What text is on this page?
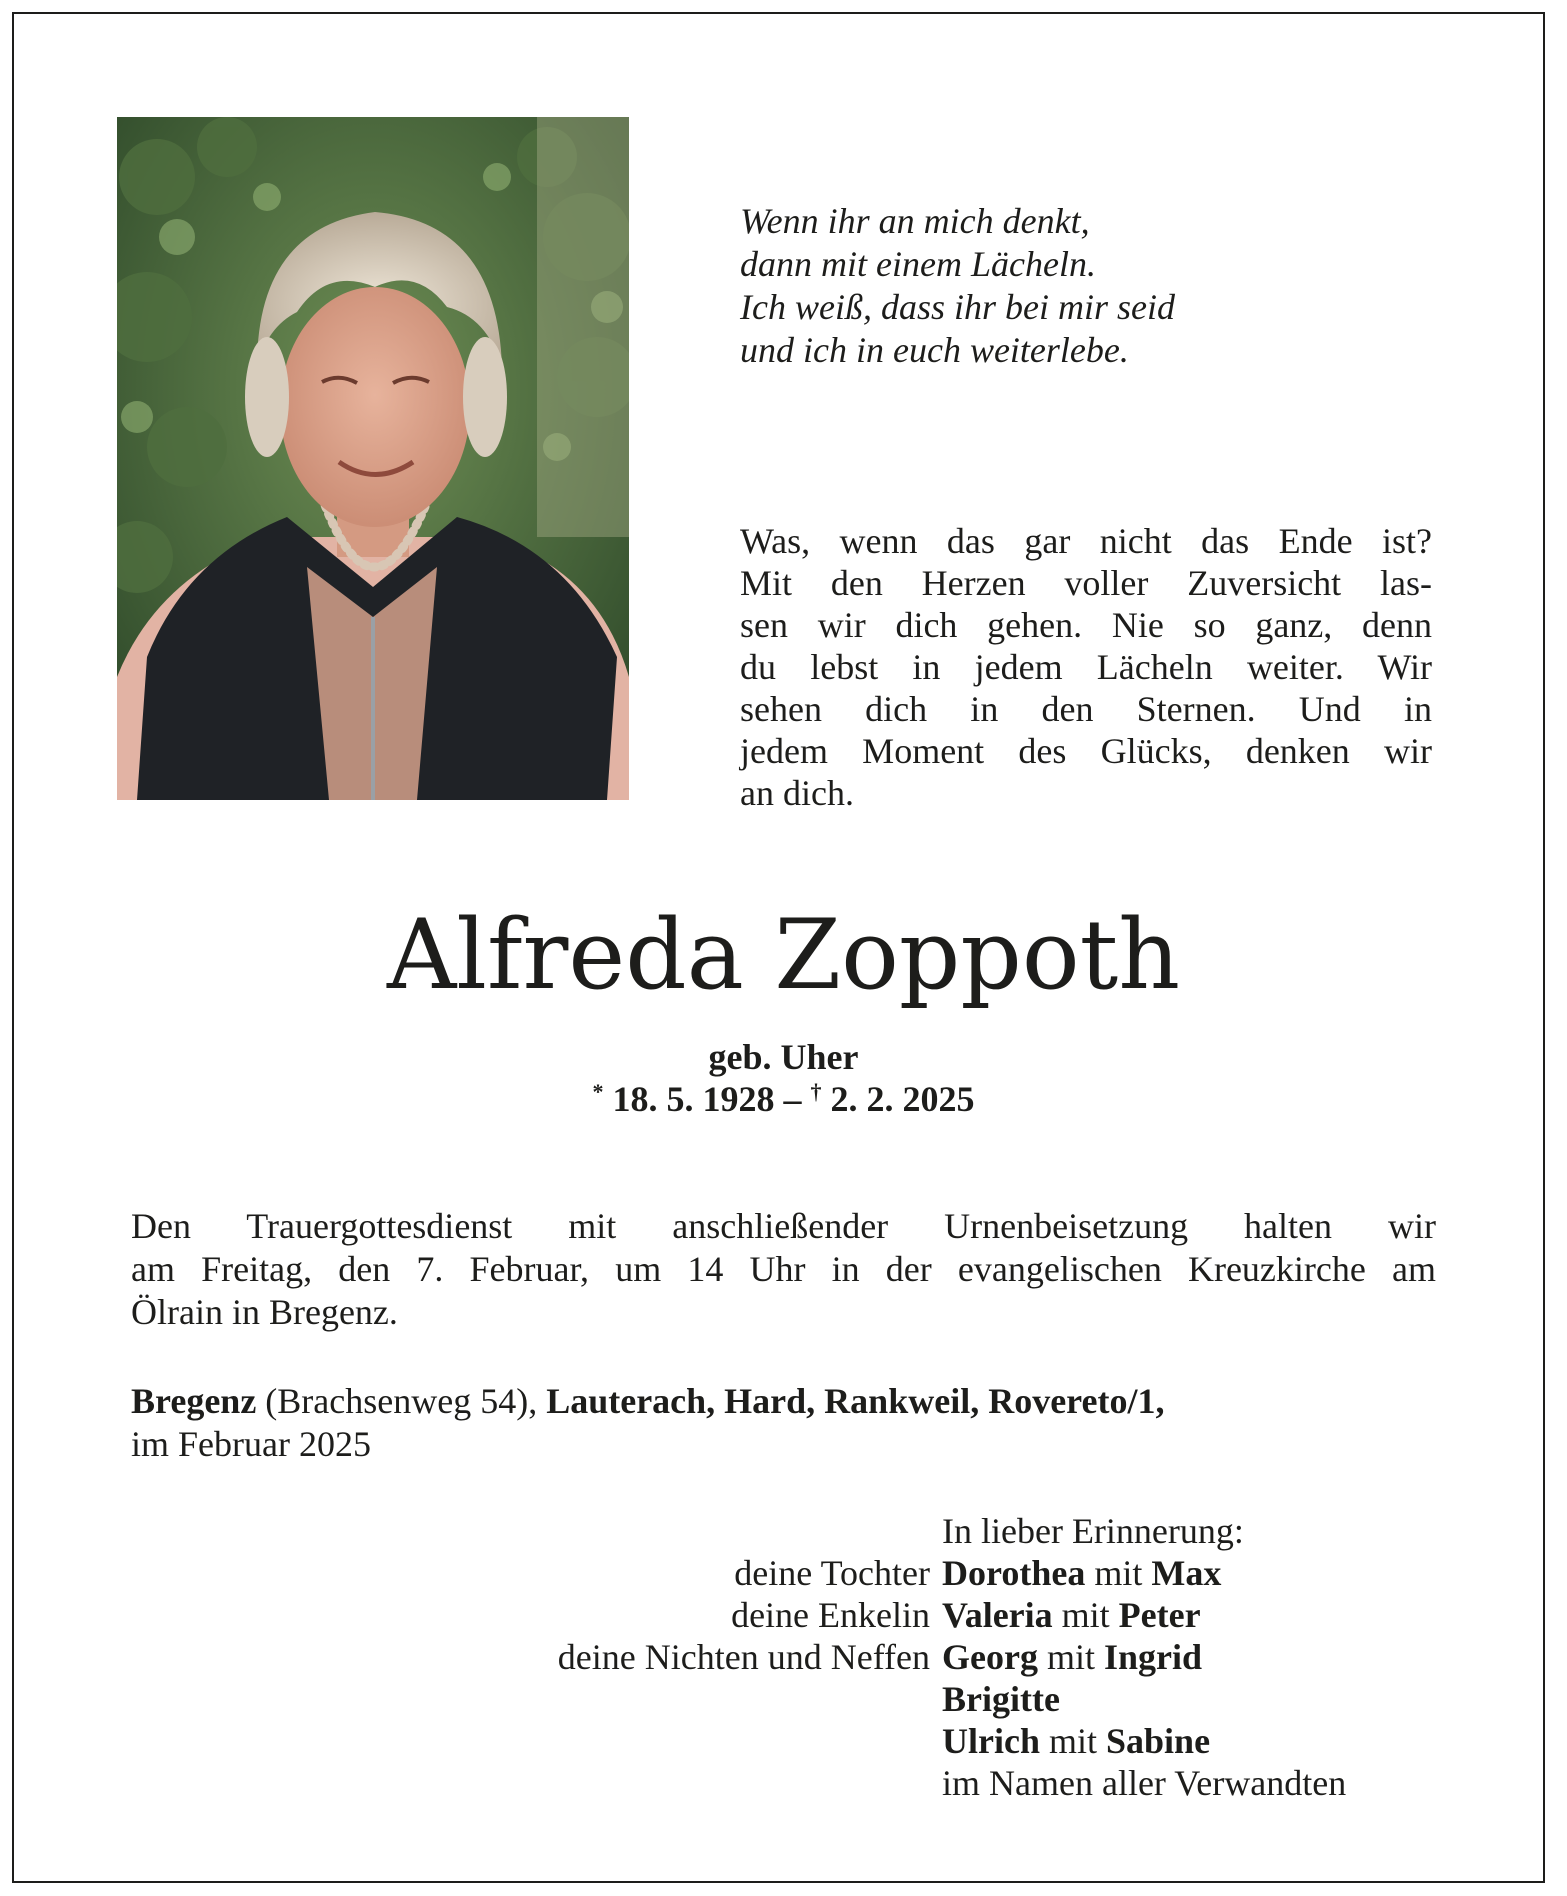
Wenn ihr an mich denkt,
dann mit einem Lächeln.
Ich weiß, dass ihr bei mir seid
und ich in euch weiterlebe.
Was, wenn das gar nicht das Ende ist?
Mit den Herzen voller Zuversicht las-
sen wir dich gehen. Nie so ganz, denn
du lebst in jedem Lächeln weiter. Wir
sehen dich in den Sternen. Und in
jedem Moment des Glücks, denken wir
an dich.
Alfreda Zoppoth
geb. Uher
* 18. 5. 1928 – † 2. 2. 2025
Den Trauergottesdienst mit anschließender Urnenbeisetzung halten wir
am Freitag, den 7. Februar, um 14 Uhr in der evangelischen Kreuzkirche am
Ölrain in Bregenz.
Bregenz (Brachsenweg 54), Lauterach, Hard, Rankweil, Rovereto/1,
im Februar 2025
In lieber Erinnerung:
deine Tochter Dorothea mit Max
deine Enkelin Valeria mit Peter
deine Nichten und Neffen Georg mit Ingrid
Brigitte
Ulrich mit Sabine
im Namen aller Verwandten
